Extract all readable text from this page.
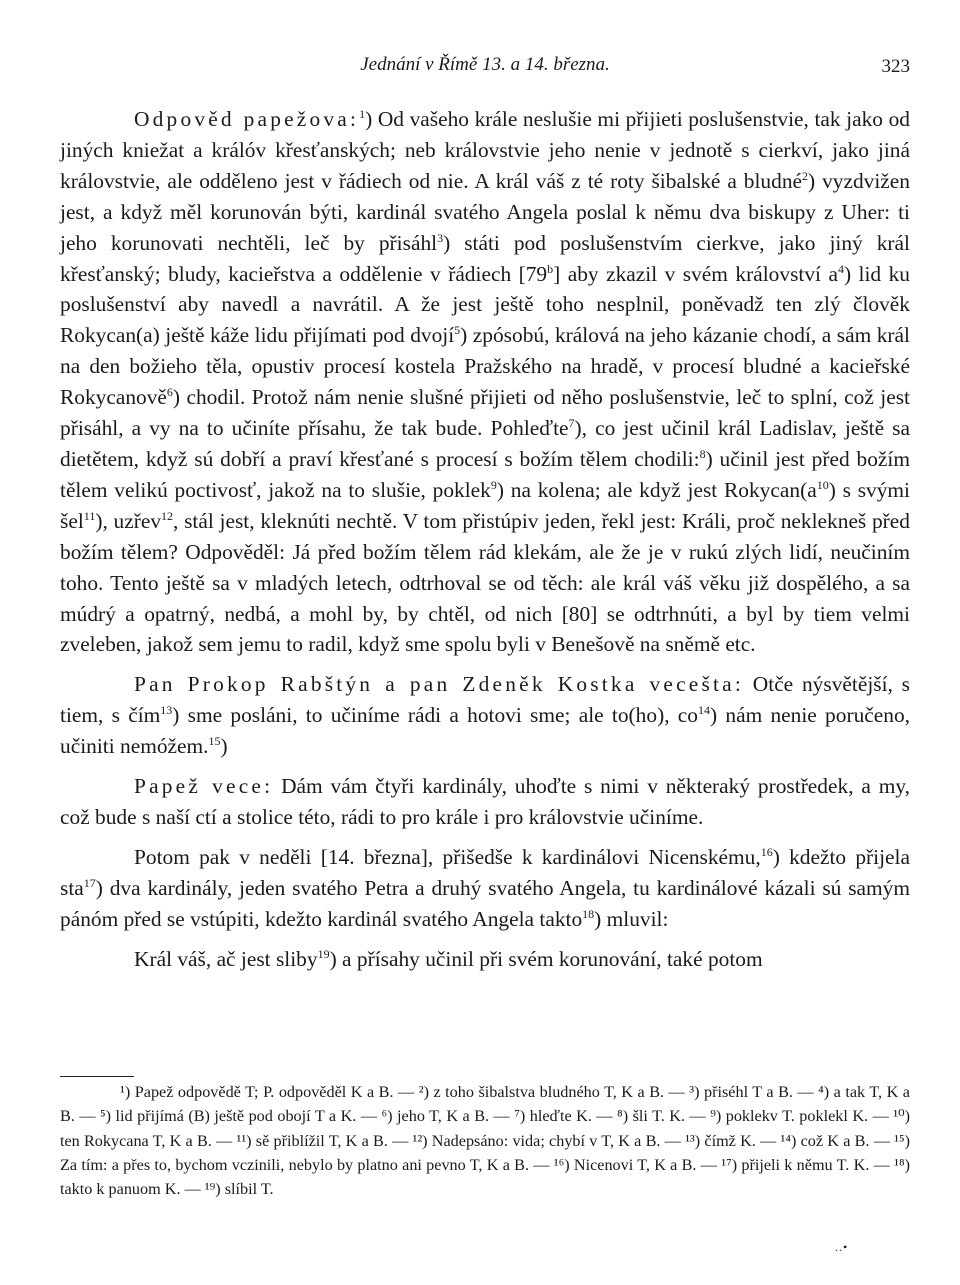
Jednání v Římě 13. a 14. března.	323

Odpověd papežova:$^1$) Od vašeho krále neslušie mi přijieti poslušenstvie, tak jako od jiných kniežat a králóv křesťanských; neb královstvie jeho nenie v jednotě s cierkví, jako jiná královstvie, ale odděleno jest v řádiech od nie. A král váš z té roty šibalské a bludné$^2$) vyzdvižen jest, a když měl korunován býti, kardinál svatého Angela poslal k němu dva biskupy z Uher: ti jeho korunovati nechtěli, leč by přisáhl$^3$) státi pod poslušenstvím cierkve, jako jiný král křesťanský; bludy, kacieřstva a oddělenie v řádiech [79$^b$] aby zkazil v svém království $a^4$) lid ku poslušenství aby navedl a navrátil. A že jest ještě toho nesplnil, poněvadž ten zlý člověk Rokycan(a) ještě káže lidu přijímati pod dvojí$^5$) zpósobú, králová na jeho kázanie chodí, a sám král na den božieho těla, opustiv procesí kostela Pražského na hradě, v procesí bludné a kacieřské Rokycanově$^6$) chodil. Protož nám nenie slušné přijieti od něho poslušenstvie, leč to splní, což jest přisáhl, a vy na to učiníte přísahu, že tak bude. Pohleďte$^7$), co jest učinil král Ladislav, ještě sa dietětem, když sú dobří a praví křesťané s procesí s božím tělem chodili:$^8$) učinil jest před božím tělem velikú poctivosť, jakož na to slušie, poklek$^9$) na kolena; ale když jest $Rokycan(a^{10})$ s svými šel$^{11}$), uzřev$^{12}$, stál jest, kleknúti nechtě. V tom přistúpiv jeden, řekl jest: Králi, proč neklekneš před božím tělem? Odpověděl: Já před božím tělem rád klekám, ale že je v rukú zlých lidí, neučiním toho. Tento ještě sa v mladých letech, odtrhoval se od těch: ale král váš věku již dospělého, a sa múdrý a opatrný, nedbá, a mohl by, by chtěl, od nich [80] se odtrhnúti, a byl by tiem velmi zveleben, jakož sem jemu to radil, když sme spolu byli v Benešově na sněmě etc.

Pan Prokop Rabštýn a pan Zdeněk Kostka vecešta: Otče nýsvětější, s tiem, s čím$^{13}$) sme posláni, to učiníme rádi a hotovi sme; ale to(ho), $co^{14}$) nám nenie poručeno, učiniti nemóžem.$^{15}$)

Papež vece: Dám vám čtyři kardinály, uhoďte s nimi v některaký prostředek, a my, což bude s naší ctí a stolice této, rádi to pro krále i pro královstvie učiníme.

Potom pak v neděli [14. března], přišedše k kardinálovi Nicenskému,$^{16}$) kdežto přijela sta$^{17}$) dva kardinály, jeden svatého Petra a druhý svatého Angela, tu kardinálové kázali sú samým pánóm před se vstúpiti, kdežto kardinál svatého Angela takto$^{18}$) mluvil:

Král váš, ač jest sliby$^{19}$) a přísahy učinil při svém korunování, také potom

¹) Papež odpovědě T; P. odpověděl K a B. — ²) z toho šibalstva bludného T, K a B. — ³) přiséhl T a B. — ⁴) a tak T, K a B. — ⁵) lid přijímá (B) ještě pod obojí T a K. — ⁶) jeho T, K a B. — ⁷) hleďte K. — ⁸) šli T. K. — ⁹) poklekv T. poklekl K. — ¹⁰) ten Rokycana T, K a B. — ¹¹) sě přiblížil T, K a B. — ¹²) Nadepsáno: vida; chybí v T, K a B. — ¹³) čímž K. — ¹⁴) což K a B. — ¹⁵) Za tím: a přes to, bychom vczinili, nebylo by platno ani pevno T, K a B. — ¹⁶) Nicenovi T, K a B. — ¹⁷) přijeli k němu T. K. — ¹⁸) takto k panuom K. — ¹⁹) slíbil T.

..•
